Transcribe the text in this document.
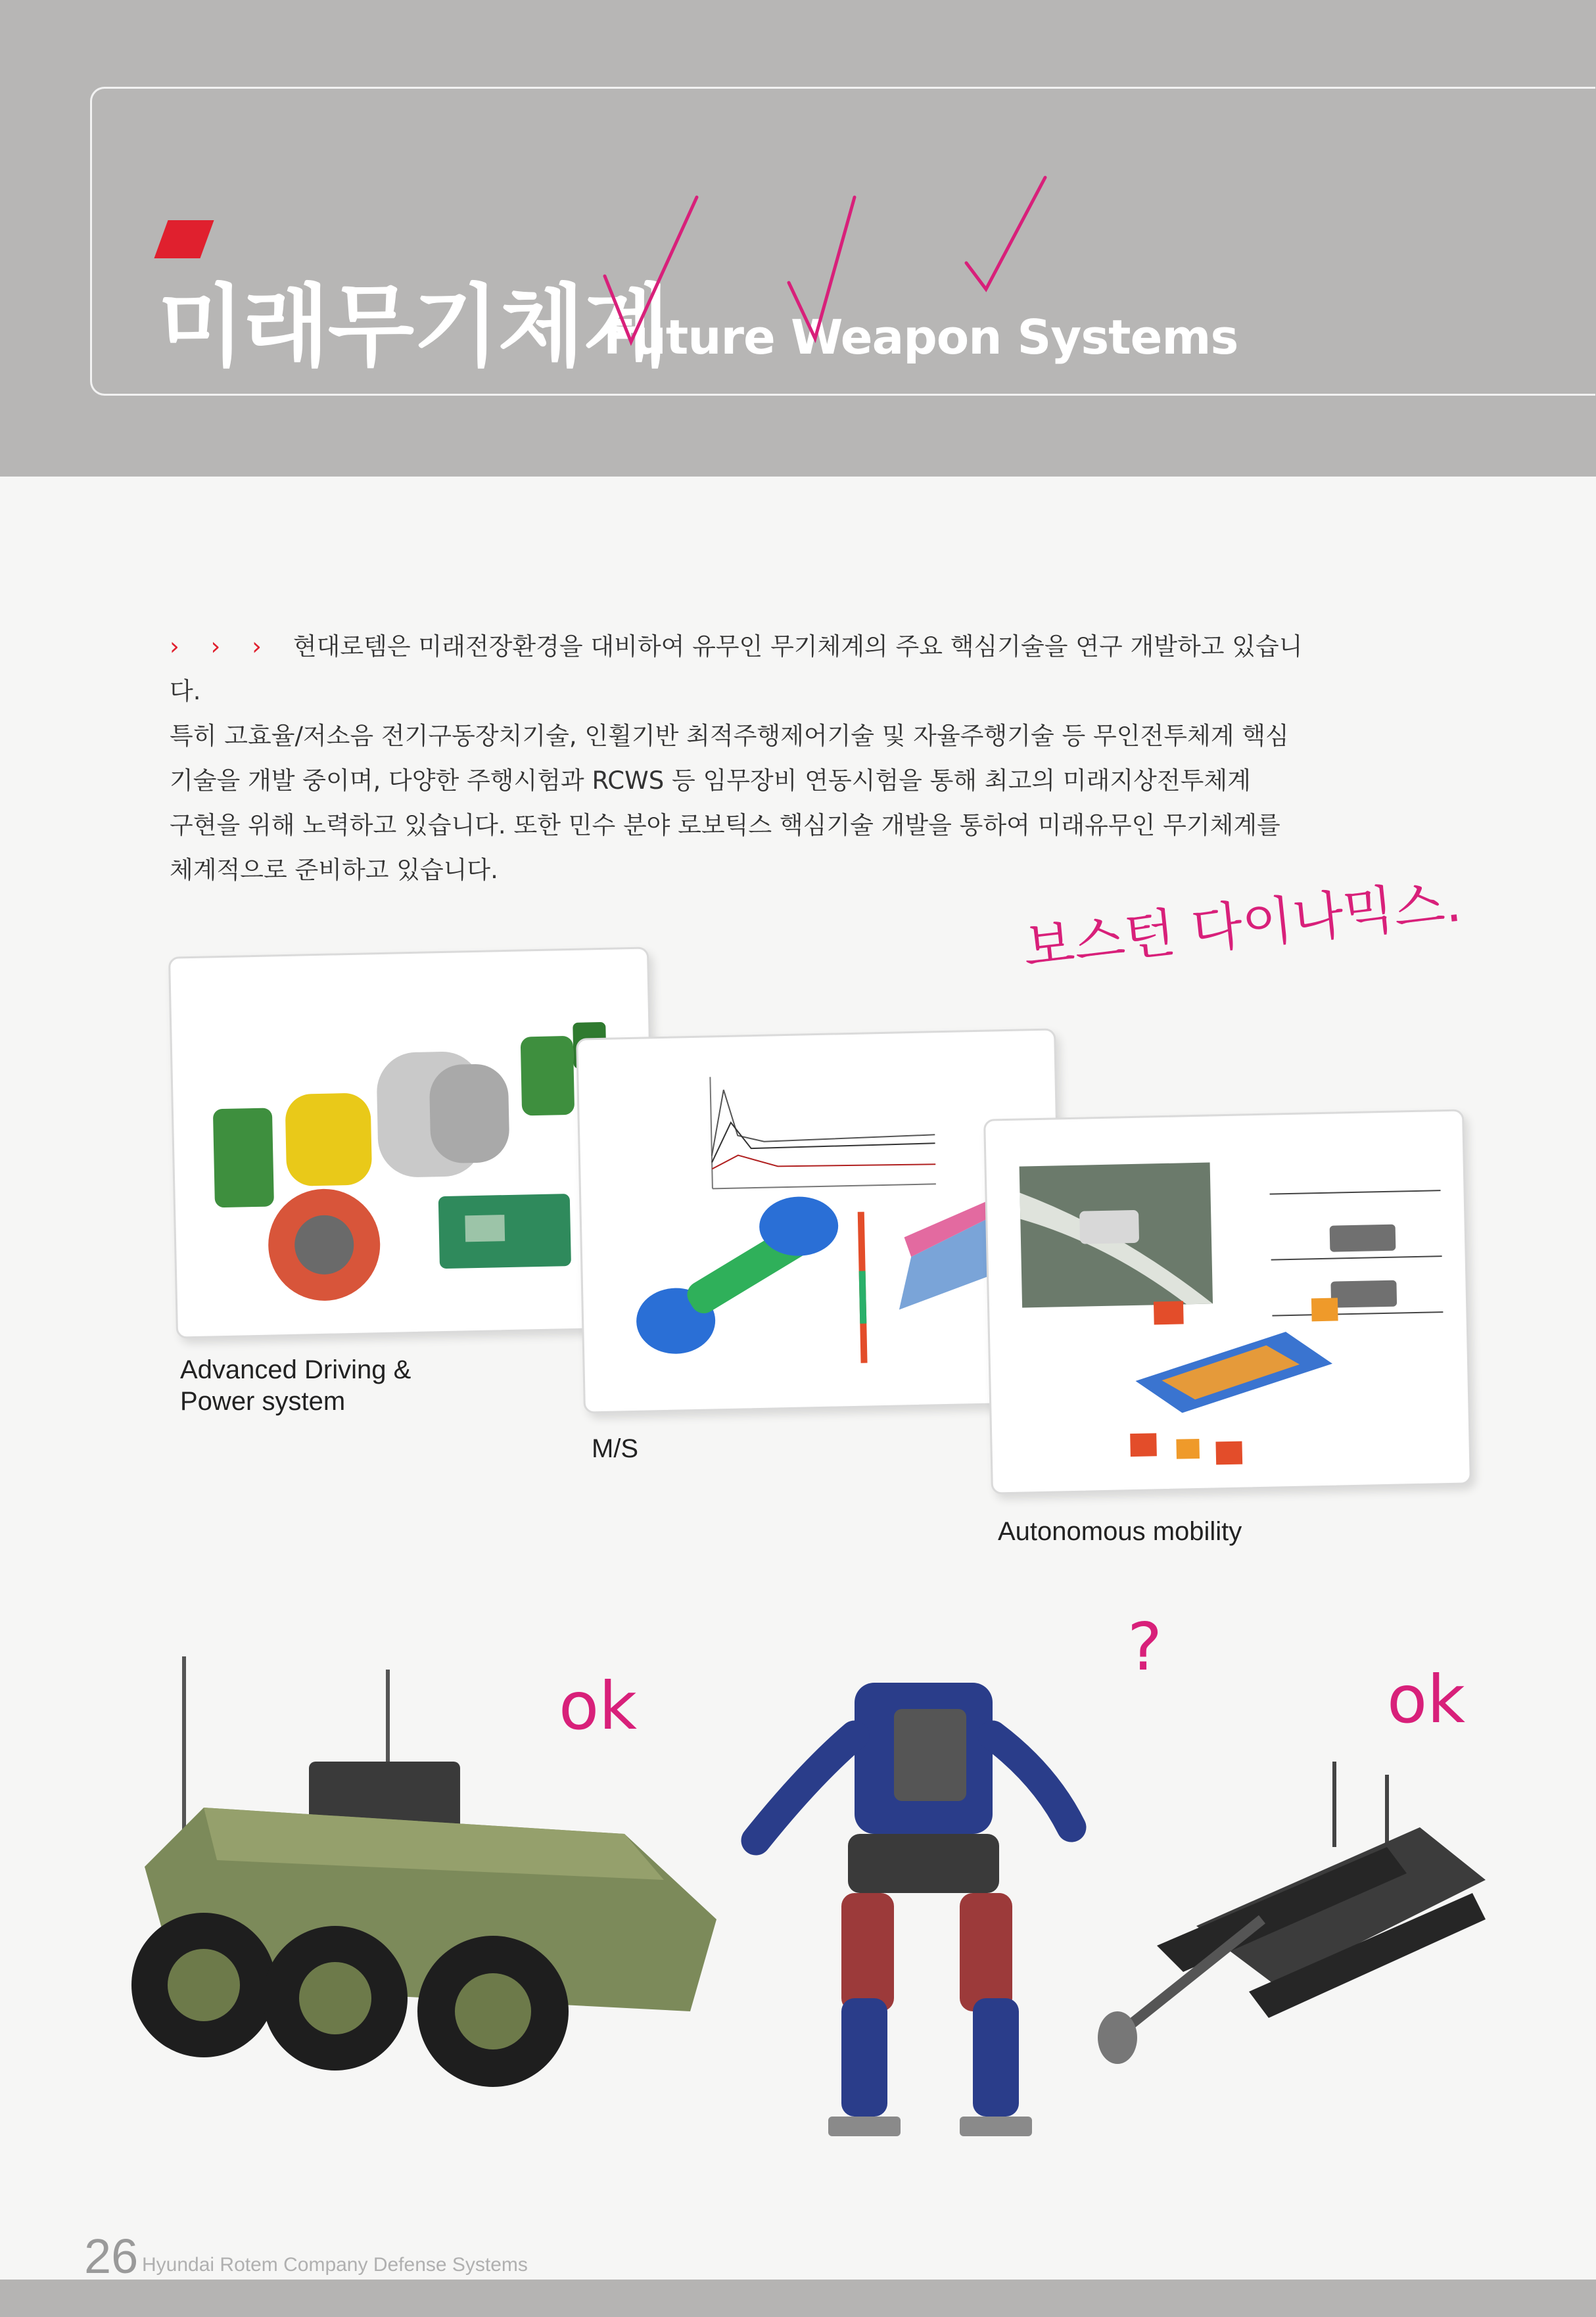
미래무기체계
Future Weapon Systems
› › › 현대로템은 미래전장환경을 대비하여 유무인 무기체계의 주요 핵심기술을 연구 개발하고 있습니다.
특히 고효율/저소음 전기구동장치기술, 인휠기반 최적주행제어기술 및 자율주행기술 등 무인전투체계 핵심
기술을 개발 중이며, 다양한 주행시험과 RCWS 등 임무장비 연동시험을 통해 최고의 미래지상전투체계
구현을 위해 노력하고 있습니다. 또한 민수 분야 로보틱스 핵심기술 개발을 통하여 미래유무인 무기체계를
체계적으로 준비하고 있습니다.

Advanced Driving &
Power system

M/S

Autonomous mobility

보스턴 다이나믹스.
ok
?
ok

26 Hyundai Rotem Company Defense Systems
